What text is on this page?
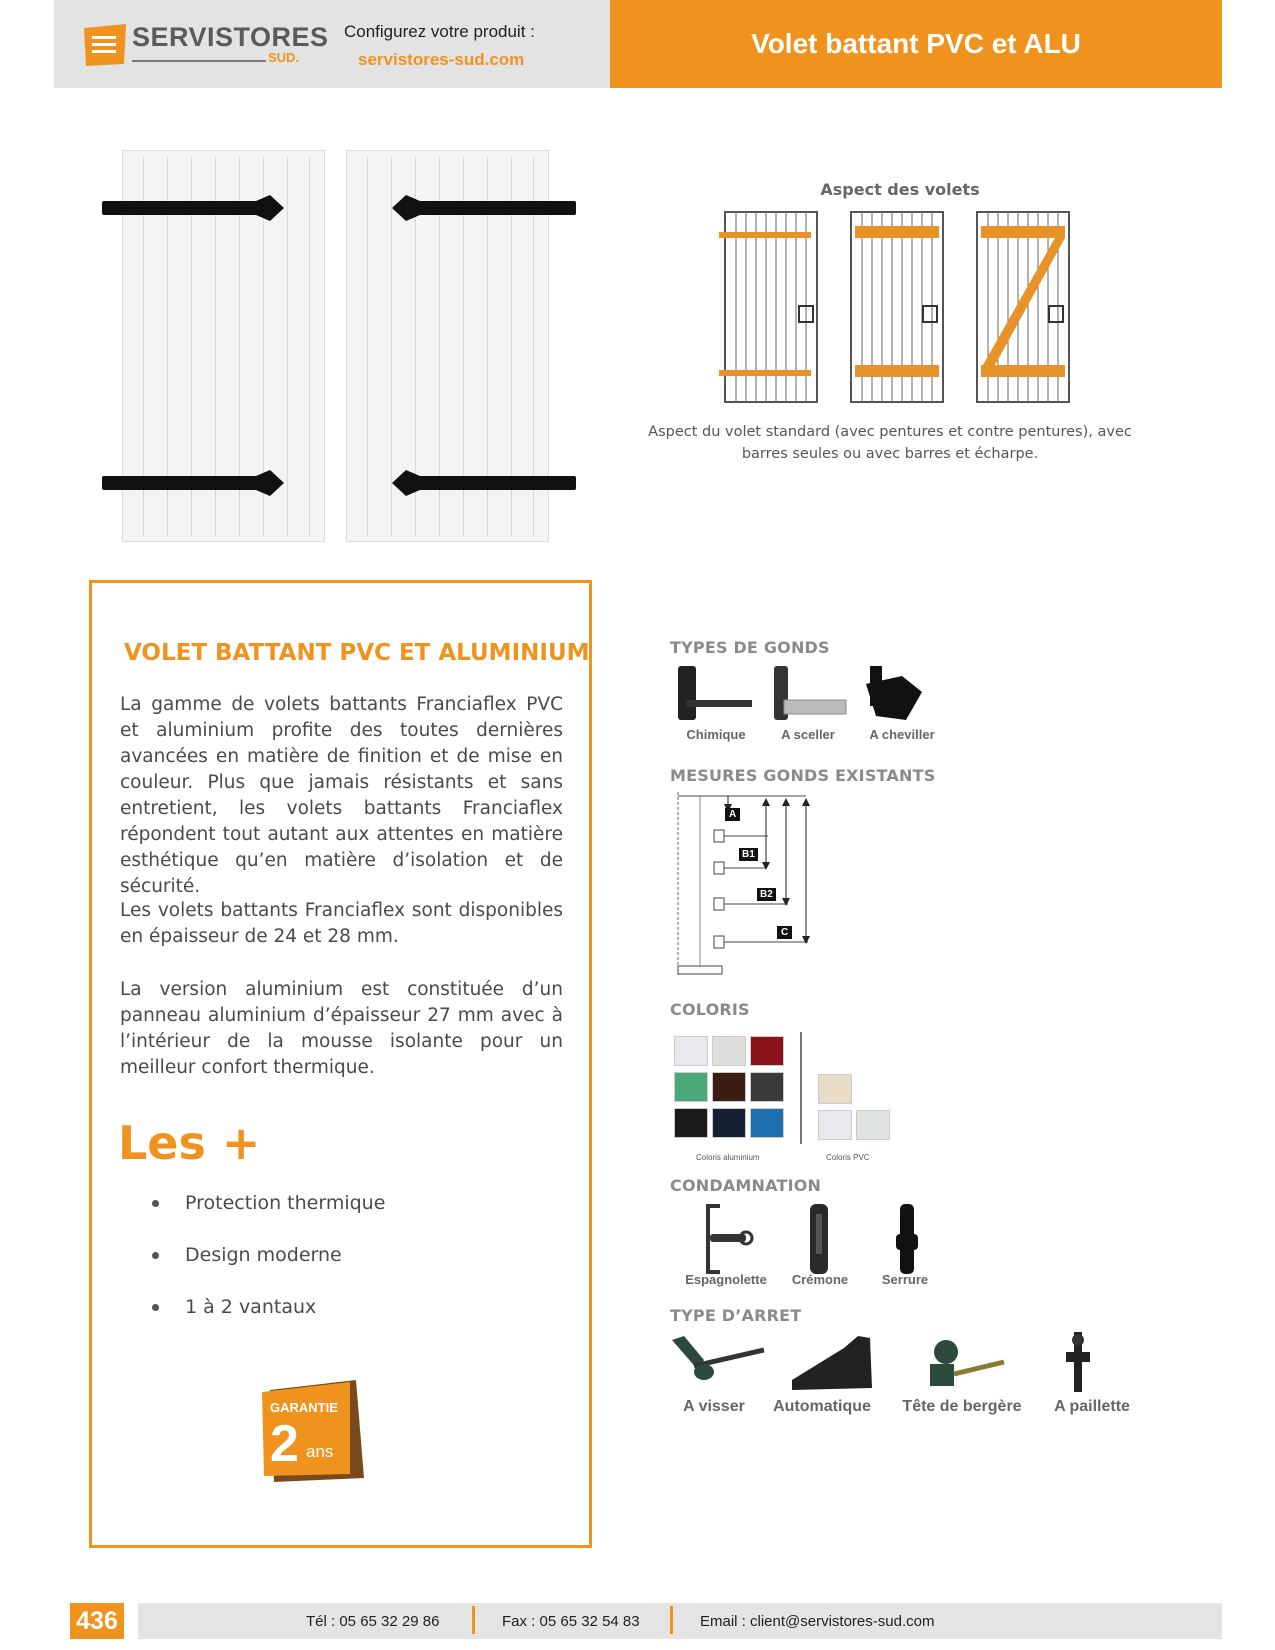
SERVISTORES
SUD.
Configurez votre produit :
servistores-sud.com
Volet battant PVC et ALU
Aspect des volets
Aspect du volet standard (avec pentures et contre pentures), avec
barres seules ou avec barres et écharpe.
VOLET BATTANT PVC ET ALUMINIUM
La gamme de volets battants Franciaflex PVC et aluminium profite des toutes dernières avancées en matière de finition et de mise en couleur. Plus que jamais résistants et sans entretient, les volets battants Franciaflex répondent tout autant aux attentes en matière esthétique qu’en matière d’isolation et de sécurité.
Les volets battants Franciaflex sont disponibles en épaisseur de 24 et 28 mm.
La version aluminium est constituée d’un panneau aluminium d’épaisseur 27 mm avec à l’intérieur de la mousse isolante pour un meilleur confort thermique.
Les +
Protection thermique
Design moderne
1 à 2 vantaux
GARANTIE
2 ans
TYPES DE GONDS
Chimique	A sceller	A cheviller
MESURES GONDS EXISTANTS
A
B1
B2
C
COLORIS
Coloris aluminium	Coloris PVC
CONDAMNATION
Espagnolette	Crémone	Serrure
TYPE D’ARRET
A visser	Automatique	Tête de bergère	A paillette
436	Tél : 05 65 32 29 86	Fax : 05 65 32 54 83	Email : client@servistores-sud.com
